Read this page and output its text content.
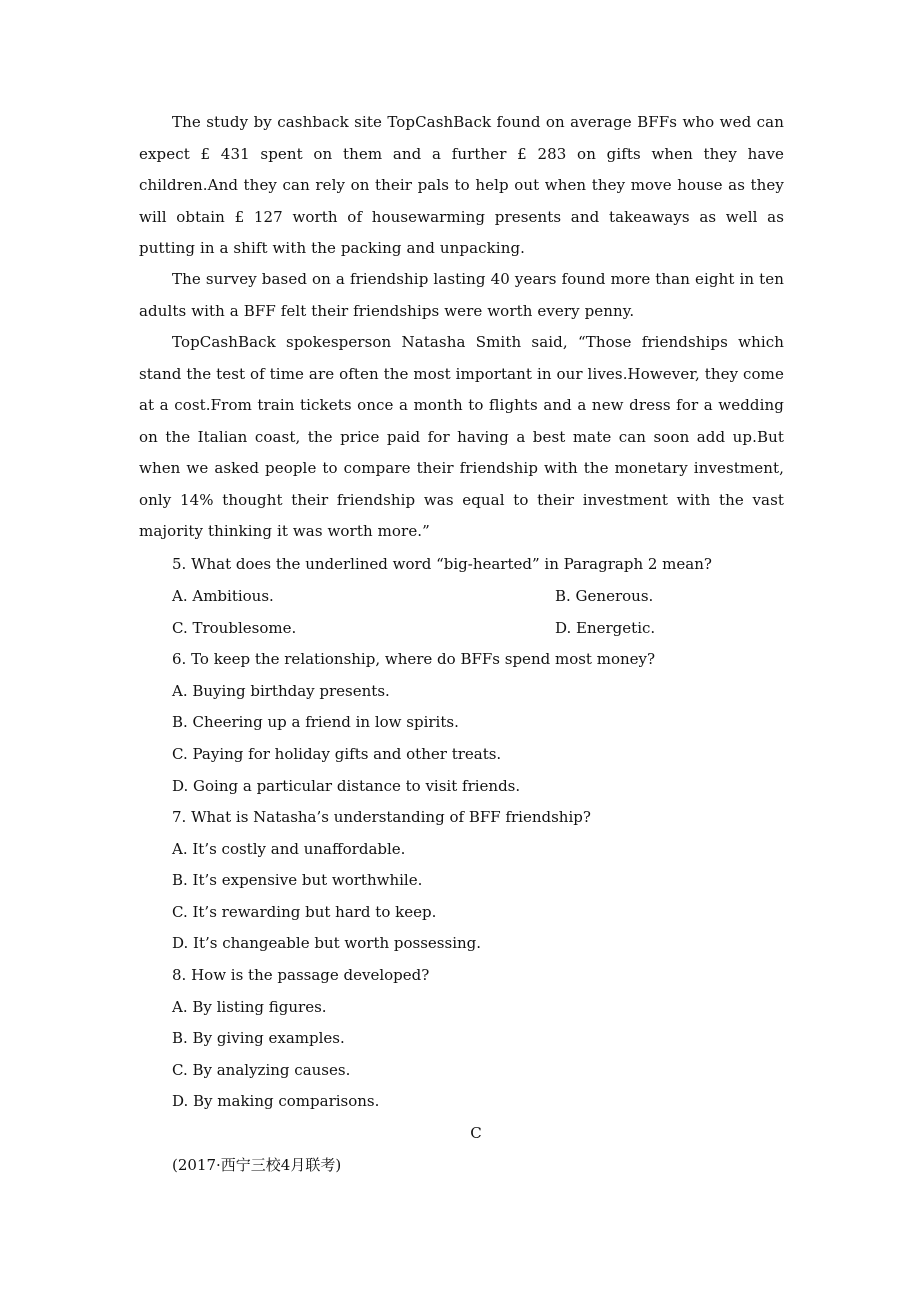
The study by cashback site TopCashBack found on average BFFs who wed can expect £ 431 spent on them and a further £ 283 on gifts when they have children.And they can rely on their pals to help out when they move house as they will obtain £ 127 worth of housewarming presents and takeaways as well as putting in a shift with the packing and unpacking.

The survey based on a friendship lasting 40 years found more than eight in ten adults with a BFF felt their friendships were worth every penny.

TopCashBack spokesperson Natasha Smith said, “Those friendships which stand the test of time are often the most important in our lives.However, they come at a cost.From train tickets once a month to flights and a new dress for a wedding on the Italian coast, the price paid for having a best mate can soon add up.But when we asked people to compare their friendship with the monetary investment, only 14% thought their friendship was equal to their investment with the vast majority thinking it was worth more.”

5. What does the underlined word “big-hearted” in Paragraph 2 mean?

A. Ambitious.	B. Generous.

C. Troublesome.	D. Energetic.

6. To keep the relationship, where do BFFs spend most money?

A. Buying birthday presents.

B. Cheering up a friend in low spirits.

C. Paying for holiday gifts and other treats.

D. Going a particular distance to visit friends.

7. What is Natasha’s understanding of BFF friendship?

A. It’s costly and unaffordable.

B. It’s expensive but worthwhile.

C. It’s rewarding but hard to keep.

D. It’s changeable but worth possessing.

8. How is the passage developed?

A. By listing figures.

B. By giving examples.

C. By analyzing causes.

D. By making comparisons.

C

(2017·西宁三校4月联考)
